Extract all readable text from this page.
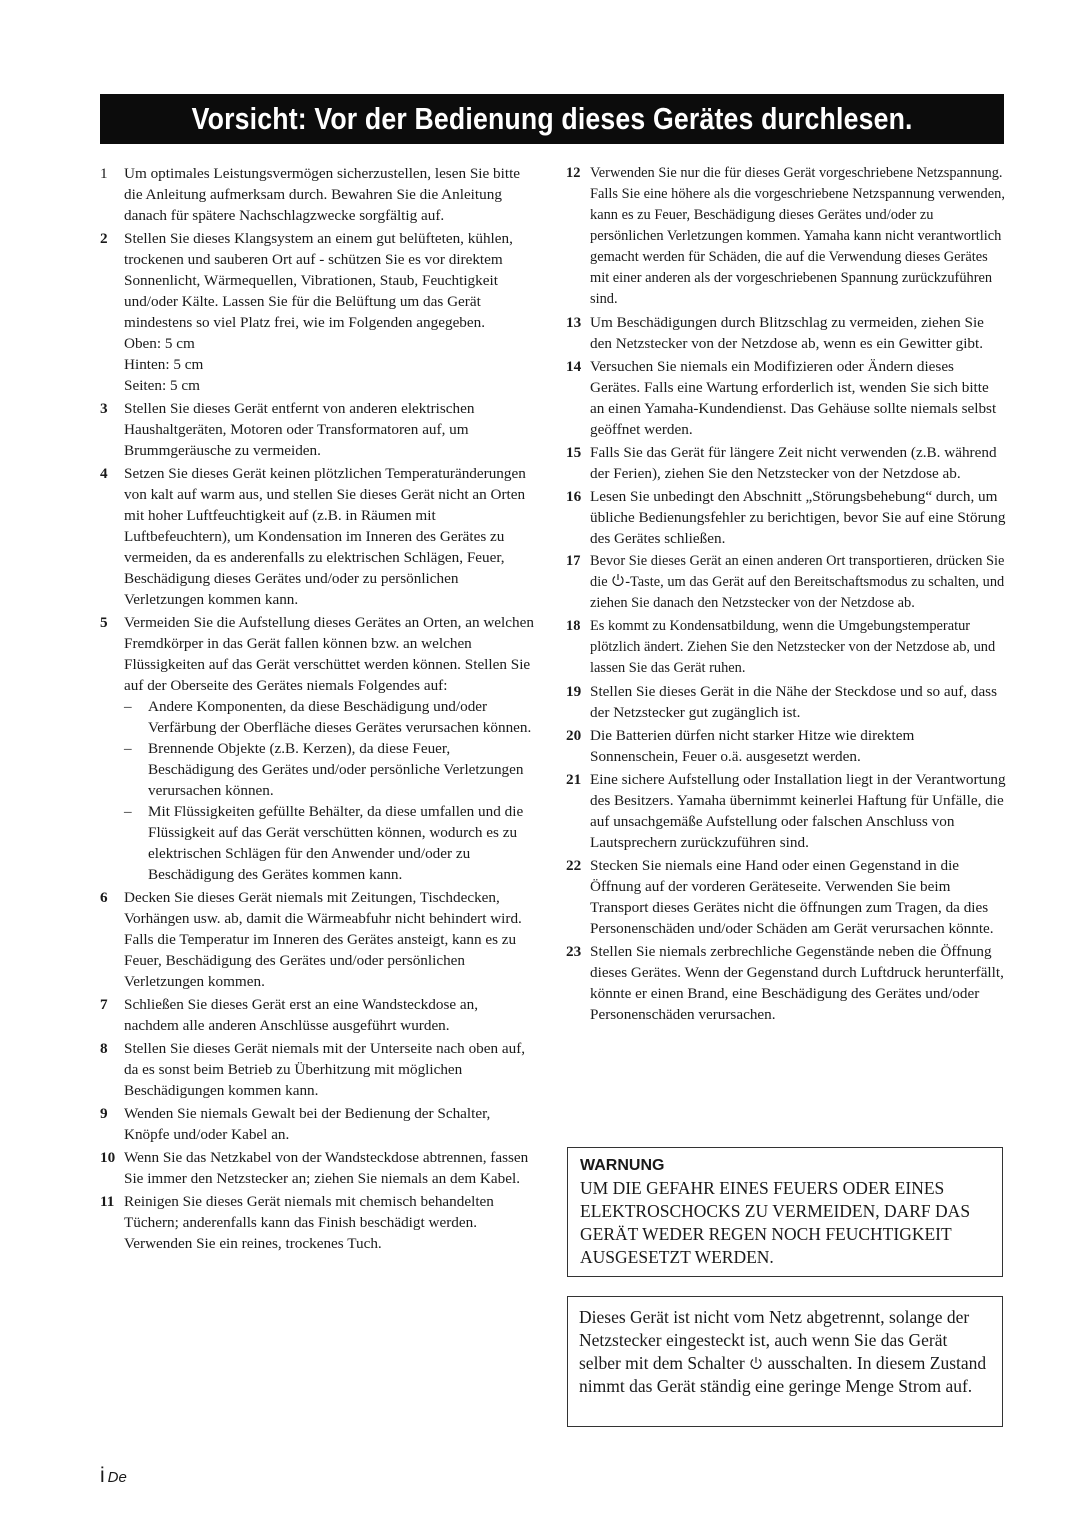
Vorsicht: Vor der Bedienung dieses Gerätes durchlesen.
1	Um optimales Leistungsvermögen sicherzustellen, lesen Sie bitte die Anleitung aufmerksam durch. Bewahren Sie die Anleitung danach für spätere Nachschlagzwecke sorgfältig auf.
2	Stellen Sie dieses Klangsystem an einem gut belüfteten, kühlen, trockenen und sauberen Ort auf - schützen Sie es vor direktem Sonnenlicht, Wärmequellen, Vibrationen, Staub, Feuchtigkeit und/oder Kälte. Lassen Sie für die Belüftung um das Gerät mindestens so viel Platz frei, wie im Folgenden angegeben.
Oben: 5 cm
Hinten: 5 cm
Seiten: 5 cm
3	Stellen Sie dieses Gerät entfernt von anderen elektrischen Haushaltgeräten, Motoren oder Transformatoren auf, um Brummgeräusche zu vermeiden.
4	Setzen Sie dieses Gerät keinen plötzlichen Temperaturänderungen von kalt auf warm aus, und stellen Sie dieses Gerät nicht an Orten mit hoher Luftfeuchtigkeit auf (z.B. in Räumen mit Luftbefeuchtern), um Kondensation im Inneren des Gerätes zu vermeiden, da es anderenfalls zu elektrischen Schlägen, Feuer, Beschädigung dieses Gerätes und/oder zu persönlichen Verletzungen kommen kann.
5	Vermeiden Sie die Aufstellung dieses Gerätes an Orten, an welchen Fremdkörper in das Gerät fallen können bzw. an welchen Flüssigkeiten auf das Gerät verschüttet werden können. Stellen Sie auf der Oberseite des Gerätes niemals Folgendes auf:
–	Andere Komponenten, da diese Beschädigung und/oder Verfärbung der Oberfläche dieses Gerätes verursachen können.
–	Brennende Objekte (z.B. Kerzen), da diese Feuer, Beschädigung des Gerätes und/oder persönliche Verletzungen verursachen können.
–	Mit Flüssigkeiten gefüllte Behälter, da diese umfallen und die Flüssigkeit auf das Gerät verschütten können, wodurch es zu elektrischen Schlägen für den Anwender und/oder zu Beschädigung des Gerätes kommen kann.
6	Decken Sie dieses Gerät niemals mit Zeitungen, Tischdecken, Vorhängen usw. ab, damit die Wärmeabfuhr nicht behindert wird. Falls die Temperatur im Inneren des Gerätes ansteigt, kann es zu Feuer, Beschädigung des Gerätes und/oder persönlichen Verletzungen kommen.
7	Schließen Sie dieses Gerät erst an eine Wandsteckdose an, nachdem alle anderen Anschlüsse ausgeführt wurden.
8	Stellen Sie dieses Gerät niemals mit der Unterseite nach oben auf, da es sonst beim Betrieb zu Überhitzung mit möglichen Beschädigungen kommen kann.
9	Wenden Sie niemals Gewalt bei der Bedienung der Schalter, Knöpfe und/oder Kabel an.
10 Wenn Sie das Netzkabel von der Wandsteckdose abtrennen, fassen Sie immer den Netzstecker an; ziehen Sie niemals an dem Kabel.
11 Reinigen Sie dieses Gerät niemals mit chemisch behandelten Tüchern; anderenfalls kann das Finish beschädigt werden. Verwenden Sie ein reines, trockenes Tuch.
12 Verwenden Sie nur die für dieses Gerät vorgeschriebene Netzspannung. Falls Sie eine höhere als die vorgeschriebene Netzspannung verwenden, kann es zu Feuer, Beschädigung dieses Gerätes und/oder zu persönlichen Verletzungen kommen. Yamaha kann nicht verantwortlich gemacht werden für Schäden, die auf die Verwendung dieses Gerätes mit einer anderen als der vorgeschriebenen Spannung zurückzuführen sind.
13 Um Beschädigungen durch Blitzschlag zu vermeiden, ziehen Sie den Netzstecker von der Netzdose ab, wenn es ein Gewitter gibt.
14 Versuchen Sie niemals ein Modifizieren oder Ändern dieses Gerätes. Falls eine Wartung erforderlich ist, wenden Sie sich bitte an einen Yamaha-Kundendienst. Das Gehäuse sollte niemals selbst geöffnet werden.
15 Falls Sie das Gerät für längere Zeit nicht verwenden (z.B. während der Ferien), ziehen Sie den Netzstecker von der Netzdose ab.
16 Lesen Sie unbedingt den Abschnitt „Störungsbehebung“ durch, um übliche Bedienungsfehler zu berichtigen, bevor Sie auf eine Störung des Gerätes schließen.
17 Bevor Sie dieses Gerät an einen anderen Ort transportieren, drücken Sie die -Taste, um das Gerät auf den Bereitschaftsmodus zu schalten, und ziehen Sie danach den Netzstecker von der Netzdose ab.
18 Es kommt zu Kondensatbildung, wenn die Umgebungstemperatur plötzlich ändert. Ziehen Sie den Netzstecker von der Netzdose ab, und lassen Sie das Gerät ruhen.
19 Stellen Sie dieses Gerät in die Nähe der Steckdose und so auf, dass der Netzstecker gut zugänglich ist.
20 Die Batterien dürfen nicht starker Hitze wie direktem Sonnenschein, Feuer o.ä. ausgesetzt werden.
21 Eine sichere Aufstellung oder Installation liegt in der Verantwortung des Besitzers. Yamaha übernimmt keinerlei Haftung für Unfälle, die auf unsachgemäße Aufstellung oder falschen Anschluss von Lautsprechern zurückzuführen sind.
22 Stecken Sie niemals eine Hand oder einen Gegenstand in die Öffnung auf der vorderen Geräteseite. Verwenden Sie beim Transport dieses Gerätes nicht die öffnungen zum Tragen, da dies Personenschäden und/oder Schäden am Gerät verursachen könnte.
23 Stellen Sie niemals zerbrechliche Gegenstände neben die Öffnung dieses Gerätes. Wenn der Gegenstand durch Luftdruck herunterfällt, könnte er einen Brand, eine Beschädigung des Gerätes und/oder Personenschäden verursachen.
WARNUNG
UM DIE GEFAHR EINES FEUERS ODER EINES ELEKTROSCHOCKS ZU VERMEIDEN, DARF DAS GERÄT WEDER REGEN NOCH FEUCHTIGKEIT AUSGESETZT WERDEN.
Dieses Gerät ist nicht vom Netz abgetrennt, solange der Netzstecker eingesteckt ist, auch wenn Sie das Gerät selber mit dem Schalter  ausschalten. In diesem Zustand nimmt das Gerät ständig eine geringe Menge Strom auf.
i De
